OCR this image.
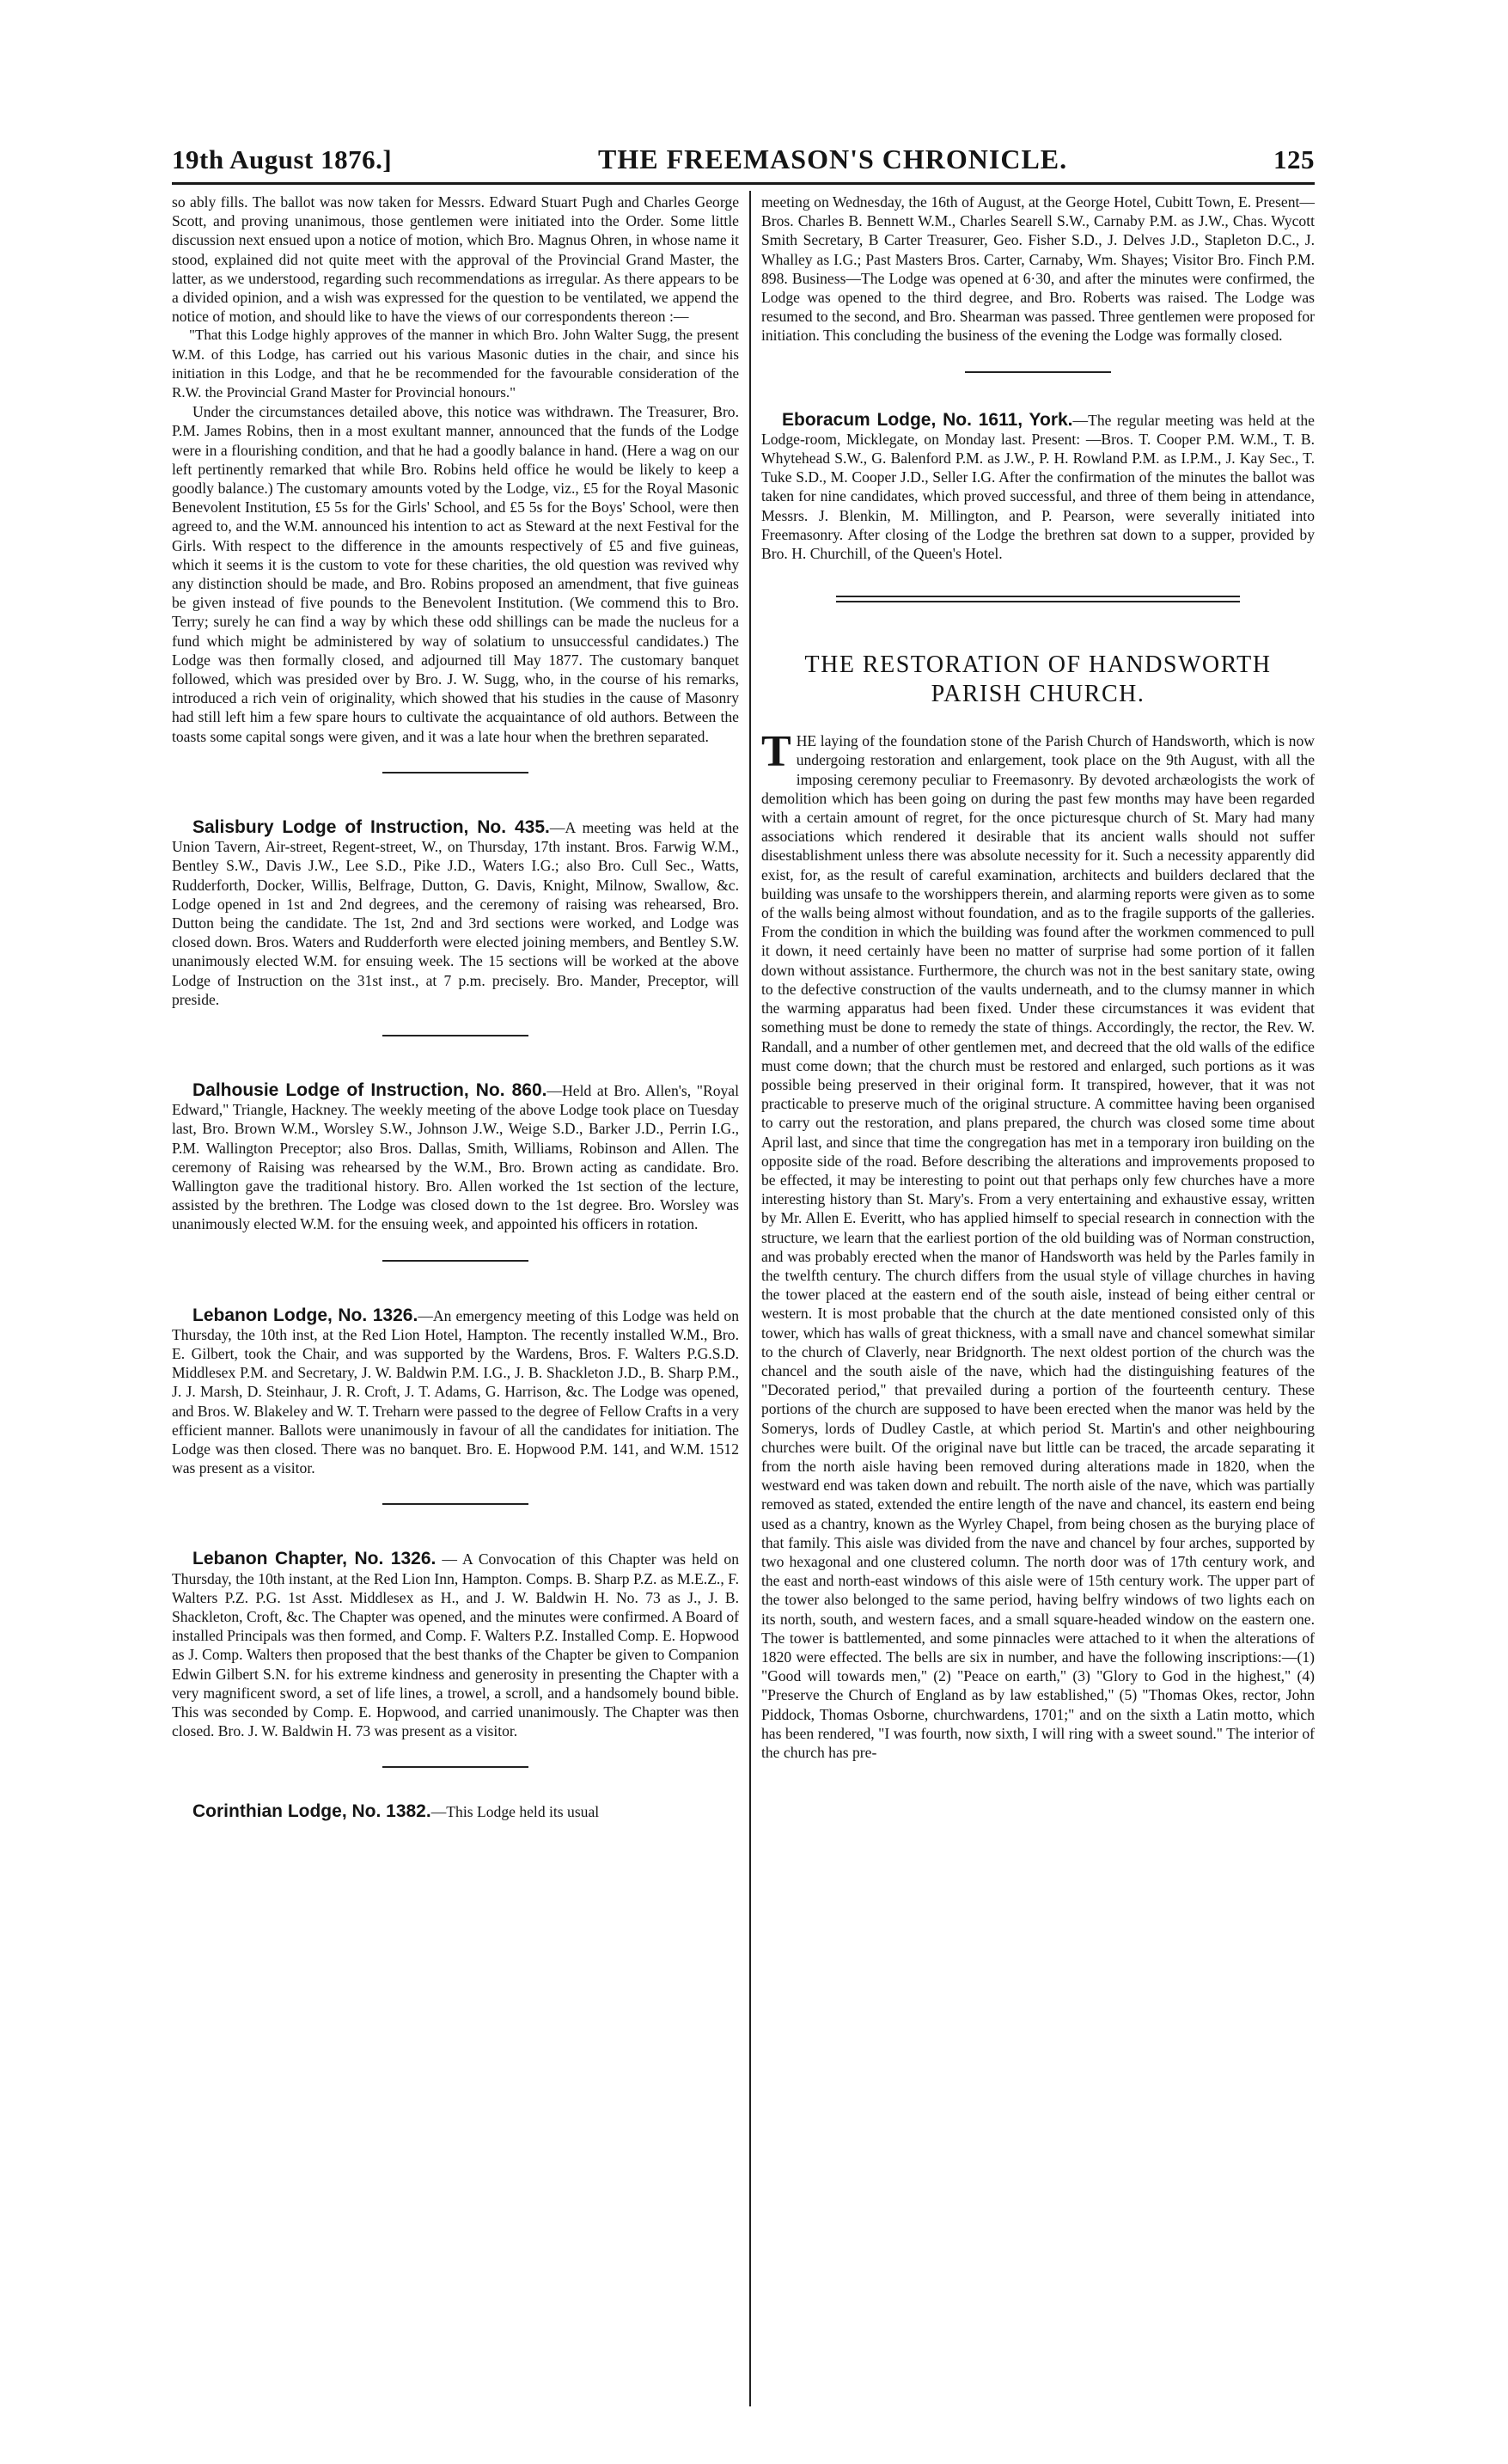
19th August 1876.]	THE FREEMASON'S CHRONICLE.	125

so ably fills. The ballot was now taken for Messrs. Edward Stuart Pugh and Charles George Scott, and proving unanimous, those gentlemen were initiated into the Order. Some little discussion next ensued upon a notice of motion, which Bro. Magnus Ohren, in whose name it stood, explained did not quite meet with the approval of the Provincial Grand Master, the latter, as we understood, regarding such recommendations as irregular. As there appears to be a divided opinion, and a wish was expressed for the question to be ventilated, we append the notice of motion, and should like to have the views of our correspondents thereon :—

"That this Lodge highly approves of the manner in which Bro. John Walter Sugg, the present W.M. of this Lodge, has carried out his various Masonic duties in the chair, and since his initiation in this Lodge, and that he be recommended for the favourable consideration of the R.W. the Provincial Grand Master for Provincial honours."

Under the circumstances detailed above, this notice was withdrawn. The Treasurer, Bro. P.M. James Robins, then in a most exultant manner, announced that the funds of the Lodge were in a flourishing condition, and that he had a goodly balance in hand. (Here a wag on our left pertinently remarked that while Bro. Robins held office he would be likely to keep a goodly balance.) The customary amounts voted by the Lodge, viz., £5 for the Royal Masonic Benevolent Institution, £5 5s for the Girls' School, and £5 5s for the Boys' School, were then agreed to, and the W.M. announced his intention to act as Steward at the next Festival for the Girls. With respect to the difference in the amounts respectively of £5 and five guineas, which it seems it is the custom to vote for these charities, the old question was revived why any distinction should be made, and Bro. Robins proposed an amendment, that five guineas be given instead of five pounds to the Benevolent Institution. (We commend this to Bro. Terry; surely he can find a way by which these odd shillings can be made the nucleus for a fund which might be administered by way of solatium to unsuccessful candidates.) The Lodge was then formally closed, and adjourned till May 1877. The customary banquet followed, which was presided over by Bro. J. W. Sugg, who, in the course of his remarks, introduced a rich vein of originality, which showed that his studies in the cause of Masonry had still left him a few spare hours to cultivate the acquaintance of old authors. Between the toasts some capital songs were given, and it was a late hour when the brethren separated.

Salisbury Lodge of Instruction, No. 435.—A meeting was held at the Union Tavern, Air-street, Regent-street, W., on Thursday, 17th instant. Bros. Farwig W.M., Bentley S.W., Davis J.W., Lee S.D., Pike J.D., Waters I.G.; also Bro. Cull Sec., Watts, Rudderforth, Docker, Willis, Belfrage, Dutton, G. Davis, Knight, Milnow, Swallow, &c. Lodge opened in 1st and 2nd degrees, and the ceremony of raising was rehearsed, Bro. Dutton being the candidate. The 1st, 2nd and 3rd sections were worked, and Lodge was closed down. Bros. Waters and Rudderforth were elected joining members, and Bentley S.W. unanimously elected W.M. for ensuing week. The 15 sections will be worked at the above Lodge of Instruction on the 31st inst., at 7 p.m. precisely. Bro. Mander, Preceptor, will preside.

Dalhousie Lodge of Instruction, No. 860.—Held at Bro. Allen's, "Royal Edward," Triangle, Hackney. The weekly meeting of the above Lodge took place on Tuesday last, Bro. Brown W.M., Worsley S.W., Johnson J.W., Weige S.D., Barker J.D., Perrin I.G., P.M. Wallington Preceptor; also Bros. Dallas, Smith, Williams, Robinson and Allen. The ceremony of Raising was rehearsed by the W.M., Bro. Brown acting as candidate. Bro. Wallington gave the traditional history. Bro. Allen worked the 1st section of the lecture, assisted by the brethren. The Lodge was closed down to the 1st degree. Bro. Worsley was unanimously elected W.M. for the ensuing week, and appointed his officers in rotation.

Lebanon Lodge, No. 1326.—An emergency meeting of this Lodge was held on Thursday, the 10th inst, at the Red Lion Hotel, Hampton. The recently installed W.M., Bro. E. Gilbert, took the Chair, and was supported by the Wardens, Bros. F. Walters P.G.S.D. Middlesex P.M. and Secretary, J. W. Baldwin P.M. I.G., J. B. Shackleton J.D., B. Sharp P.M., J. J. Marsh, D. Steinhaur, J. R. Croft, J. T. Adams, G. Harrison, &c. The Lodge was opened, and Bros. W. Blakeley and W. T. Treharn were passed to the degree of Fellow Crafts in a very efficient manner. Ballots were unanimously in favour of all the candidates for initiation. The Lodge was then closed. There was no banquet. Bro. E. Hopwood P.M. 141, and W.M. 1512 was present as a visitor.

Lebanon Chapter, No. 1326. — A Convocation of this Chapter was held on Thursday, the 10th instant, at the Red Lion Inn, Hampton. Comps. B. Sharp P.Z. as M.E.Z., F. Walters P.Z. P.G. 1st Asst. Middlesex as H., and J. W. Baldwin H. No. 73 as J., J. B. Shackleton, Croft, &c. The Chapter was opened, and the minutes were confirmed. A Board of installed Principals was then formed, and Comp. F. Walters P.Z. Installed Comp. E. Hopwood as J. Comp. Walters then proposed that the best thanks of the Chapter be given to Companion Edwin Gilbert S.N. for his extreme kindness and generosity in presenting the Chapter with a very magnificent sword, a set of life lines, a trowel, a scroll, and a handsomely bound bible. This was seconded by Comp. E. Hopwood, and carried unanimously. The Chapter was then closed. Bro. J. W. Baldwin H. 73 was present as a visitor.

Corinthian Lodge, No. 1382.—This Lodge held its usual

meeting on Wednesday, the 16th of August, at the George Hotel, Cubitt Town, E. Present—Bros. Charles B. Bennett W.M., Charles Searell S.W., Carnaby P.M. as J.W., Chas. Wycott Smith Secretary, B Carter Treasurer, Geo. Fisher S.D., J. Delves J.D., Stapleton D.C., J. Whalley as I.G.; Past Masters Bros. Carter, Carnaby, Wm. Shayes; Visitor Bro. Finch P.M. 898. Business—The Lodge was opened at 6·30, and after the minutes were confirmed, the Lodge was opened to the third degree, and Bro. Roberts was raised. The Lodge was resumed to the second, and Bro. Shearman was passed. Three gentlemen were proposed for initiation. This concluding the business of the evening the Lodge was formally closed.

Eboracum Lodge, No. 1611, York.—The regular meeting was held at the Lodge-room, Micklegate, on Monday last. Present: —Bros. T. Cooper P.M. W.M., T. B. Whytehead S.W., G. Balenford P.M. as J.W., P. H. Rowland P.M. as I.P.M., J. Kay Sec., T. Tuke S.D., M. Cooper J.D., Seller I.G. After the confirmation of the minutes the ballot was taken for nine candidates, which proved successful, and three of them being in attendance, Messrs. J. Blenkin, M. Millington, and P. Pearson, were severally initiated into Freemasonry. After closing of the Lodge the brethren sat down to a supper, provided by Bro. H. Churchill, of the Queen's Hotel.

THE RESTORATION OF HANDSWORTH PARISH CHURCH.

THE laying of the foundation stone of the Parish Church of Handsworth, which is now undergoing restoration and enlargement, took place on the 9th August, with all the imposing ceremony peculiar to Freemasonry. By devoted archæologists the work of demolition which has been going on during the past few months may have been regarded with a certain amount of regret, for the once picturesque church of St. Mary had many associations which rendered it desirable that its ancient walls should not suffer disestablishment unless there was absolute necessity for it. Such a necessity apparently did exist, for, as the result of careful examination, architects and builders declared that the building was unsafe to the worshippers therein, and alarming reports were given as to some of the walls being almost without foundation, and as to the fragile supports of the galleries. From the condition in which the building was found after the workmen commenced to pull it down, it need certainly have been no matter of surprise had some portion of it fallen down without assistance. Furthermore, the church was not in the best sanitary state, owing to the defective construction of the vaults underneath, and to the clumsy manner in which the warming apparatus had been fixed. Under these circumstances it was evident that something must be done to remedy the state of things. Accordingly, the rector, the Rev. W. Randall, and a number of other gentlemen met, and decreed that the old walls of the edifice must come down; that the church must be restored and enlarged, such portions as it was possible being preserved in their original form. It transpired, however, that it was not practicable to preserve much of the original structure. A committee having been organised to carry out the restoration, and plans prepared, the church was closed some time about April last, and since that time the congregation has met in a temporary iron building on the opposite side of the road. Before describing the alterations and improvements proposed to be effected, it may be interesting to point out that perhaps only few churches have a more interesting history than St. Mary's. From a very entertaining and exhaustive essay, written by Mr. Allen E. Everitt, who has applied himself to special research in connection with the structure, we learn that the earliest portion of the old building was of Norman construction, and was probably erected when the manor of Handsworth was held by the Parles family in the twelfth century. The church differs from the usual style of village churches in having the tower placed at the eastern end of the south aisle, instead of being either central or western. It is most probable that the church at the date mentioned consisted only of this tower, which has walls of great thickness, with a small nave and chancel somewhat similar to the church of Claverly, near Bridgnorth. The next oldest portion of the church was the chancel and the south aisle of the nave, which had the distinguishing features of the "Decorated period," that prevailed during a portion of the fourteenth century. These portions of the church are supposed to have been erected when the manor was held by the Somerys, lords of Dudley Castle, at which period St. Martin's and other neighbouring churches were built. Of the original nave but little can be traced, the arcade separating it from the north aisle having been removed during alterations made in 1820, when the westward end was taken down and rebuilt. The north aisle of the nave, which was partially removed as stated, extended the entire length of the nave and chancel, its eastern end being used as a chantry, known as the Wyrley Chapel, from being chosen as the burying place of that family. This aisle was divided from the nave and chancel by four arches, supported by two hexagonal and one clustered column. The north door was of 17th century work, and the east and north-east windows of this aisle were of 15th century work. The upper part of the tower also belonged to the same period, having belfry windows of two lights each on its north, south, and western faces, and a small square-headed window on the eastern one. The tower is battlemented, and some pinnacles were attached to it when the alterations of 1820 were effected. The bells are six in number, and have the following inscriptions:—(1) "Good will towards men," (2) "Peace on earth," (3) "Glory to God in the highest," (4) "Preserve the Church of England as by law established," (5) "Thomas Okes, rector, John Piddock, Thomas Osborne, churchwardens, 1701;" and on the sixth a Latin motto, which has been rendered, "I was fourth, now sixth, I will ring with a sweet sound." The interior of the church has pre-
